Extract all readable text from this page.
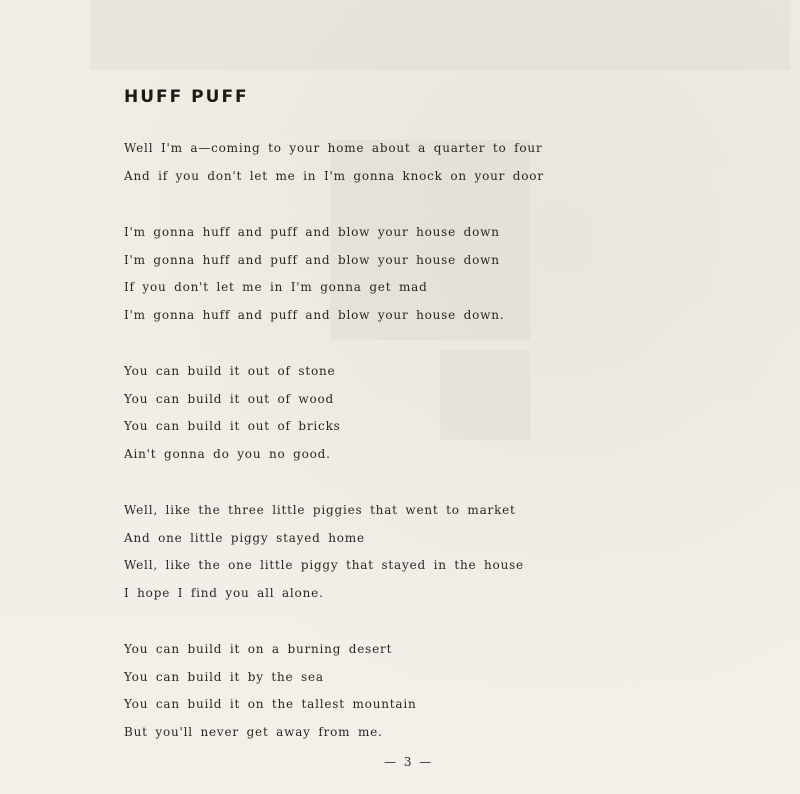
HUFF PUFF
Well I'm a—coming to your home about a quarter to four
And if you don't let me in I'm gonna knock on your door
I'm gonna huff and puff and blow your house down
I'm gonna huff and puff and blow your house down
If you don't let me in I'm gonna get mad
I'm gonna huff and puff and blow your house down.
You can build it out of stone
You can build it out of wood
You can build it out of bricks
Ain't gonna do you no good.
Well, like the three little piggies that went to market
And one little piggy stayed home
Well, like the one little piggy that stayed in the house
I hope I find you all alone.
You can build it on a burning desert
You can build it by the sea
You can build it on the tallest mountain
But you'll never get away from me.
— 3 —
